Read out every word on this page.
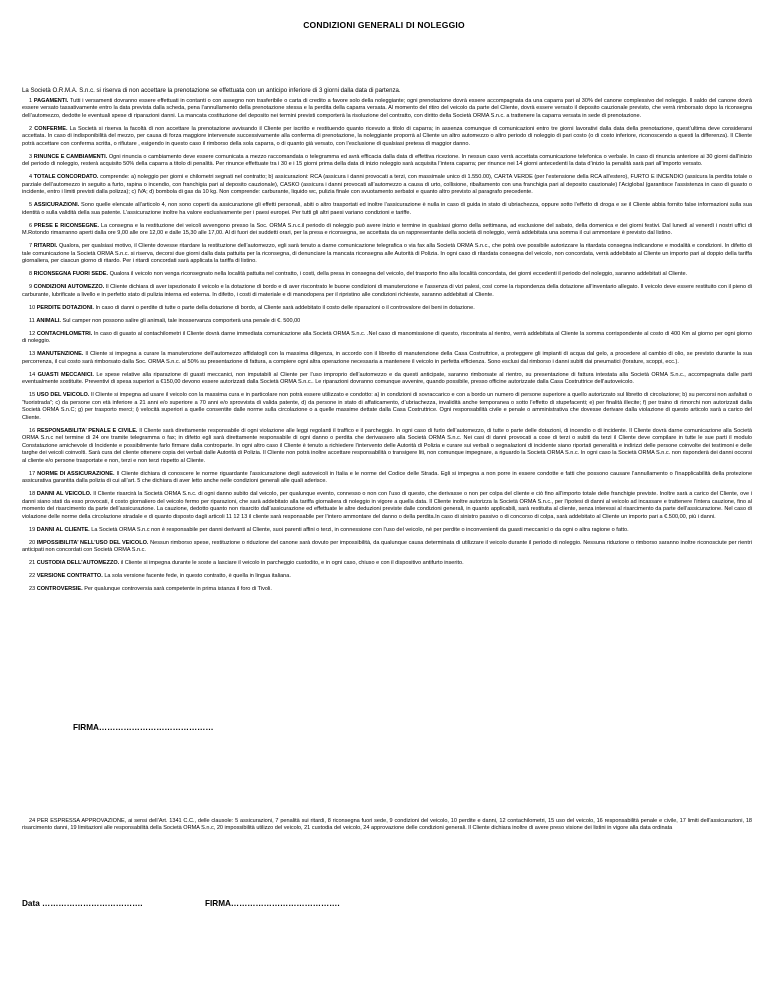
CONDIZIONI GENERALI DI NOLEGGIO

La Società O.R.M.A. S.n.c. si riserva di non accettare la prenotazione se effettuata con un anticipo inferiore di 3 giorni dalla data di partenza.

1 PAGAMENTI. Tutti i versamenti dovranno essere effettuati in contanti o con assegno non trasferibile o carta di credito a favore solo della noleggiante; ogni prenotazione dovrà essere accompagnata da una caparra pari al 30% del canone complessivo del noleggio. Il saldo del canone dovrà essere versato tassativamente entro la data prevista dalla scheda, pena l’annullamento della prenotazione stessa e la perdita della caparra versata. Al momento del ritiro del veicolo da parte del Cliente, dovrà essere versato il deposito cauzionale previsto, che verrà rimborsato dopo la riconsegna dell’automezzo, dedotte le eventuali spese di riparazioni danni. La mancata costituzione del deposito nei termini previsti comporterà la risoluzione del contratto, con diritto della Società ORMA S.n.c. a trattenere la caparra versata in sede di prenotazione.

2 CONFERME. La Società si riserva la facoltà di non accettare la prenotazione avvisando il Cliente per iscritto e restituendo quanto ricevuto a titolo di caparra; in assenza comunque di comunicazioni entro tre giorni lavorativi dalla data della prenotazione, quest’ultima deve considerarsi accettata. In caso di indisponibilità del mezzo, per causa di forza maggiore intervenute successivamente alla conferma di prenotazione, la noleggiante proporrà al Cliente un altro automezzo o altro periodo di noleggio di pari costo (o di costo inferiore, riconoscendo a questi la differenza). Il Cliente potrà accettare con conferma scritta, o rifiutare , esigendo in questo caso il rimborso della sola caparra, o di quanto già versato, con l’esclusione di qualsiasi pretesa di maggior danno.

3 RINUNCE E CAMBIAMENTI. Ogni rinuncia o cambiamento deve essere comunicata a mezzo raccomandata o telegramma ed avrà efficacia dalla data di effettiva ricezione. In nessun caso verrà accettata comunicazione telefonica o verbale. In caso di rinuncia anteriore ai 30 giorni dall’inizio del periodo di noleggio, resterà acquisito 50% della caparra a titolo di penalità. Per rinunce effettuate tra i 30 e i 15 giorni prima della data di inizio noleggio sarà acquisita l’intera caparra; per rinunce nei 14 giorni antecedenti la data d’inizio la penalità sarà pari all’importo versato.

4 TOTALE CONCORDATO. comprende: a) noleggio per giorni e chilometri segnati nel contratto; b) assicurazioni: RCA (assicura i danni provocati a terzi, con massimale unico di 1.550.00), CARTA VERDE (per l’estensione della RCA all’estero), FURTO E INCENDIO (assicura la perdita totale o parziale dell’automezzo in seguito a furto, rapina o incendio, con franchigia pari al deposito cauzionale), CASKO (assicura i danni provocati all’automezzo a causa di urto, collisione, ribaltamento con una franchigia pari al deposito cauzionale) l’Aciglobal (garantisce l’assistenza in caso di guasto o incidente, entro i limiti previsti dalla polizza); c) IVA; d) bombola di gas da 10 kg. Non comprende: carburante, liquido wc, pulizia finale con svuotamento serbatoi e quanto altro previsto al paragrafo precedente.

5 ASSICURAZIONI. Sono quelle elencate all’articolo 4, non sono coperti da assicurazione gli effetti personali, abiti o altro trasportati ed inoltre l’assicurazione è nulla in caso di guida in stato di ubriachezza, oppure sotto l’effetto di droga e se il Cliente abbia fornito false informazioni sulla sua identità o sulla validità della sua patente. L’assicurazione inoltre ha valore esclusivamente per i paesi europei. Per tutti gli altri paesi variano condizioni e tariffe.

6 PRESE E RICONSEGNE. La consegna e la restituzione dei veicoli avvengono presso la Soc. ORMA S.n.c.il periodo di noleggio può avere inizio e termine in qualsiasi giorno della settimana, ad esclusione del sabato, della domenica e dei giorni festivi. Dal lunedì al venerdì i nostri uffici di M.Rotondo rimarranno aperti dalla ore 9,00 alle ore 12,00 e dalle 15,30 alle 17,00. Al di fuori dei suddetti orari, per la presa e riconsegna, se accettata da un rappresentante della società di noleggio, verrà addebitata una somma il cui ammontare è previsto dal listino.

7 RITARDI. Qualora, per qualsiasi motivo, il Cliente dovesse ritardare la restituzione dell’automezzo, egli sarà tenuto a darne comunicazione telegrafica o via fax alla Società ORMA S.n.c., che potrà ove possibile autorizzare la ritardata consegna indicandone e modalità e condizioni. In difetto di tale comunicazione la Società ORMA S.n.c. si riserva, decorsi due giorni dalla data pattuita per la riconsegna, di denunciare la mancata riconsegna alle Autorità di Polizia. In ogni caso di ritardata consegna del veicolo, non concordata, verrà addebitato al Cliente un importo pari al doppio della tariffa giornaliera, per ciascun giorno di ritardo. Per i ritardi concordati sarà applicata la tariffa di listino.

8 RICONSEGNA FUORI SEDE. Qualora il veicolo non venga riconsegnato nella località pattuita nel contratto, i costi, della presa in consegna del veicolo, del trasporto fino alla località concordata, dei giorni eccedenti il periodo del noleggio, saranno addebitati al Cliente.

9 CONDIZIONI AUTOMEZZO. Il Cliente dichiara di aver ispezionato il veicolo e la dotazione di bordo e di aver riscontrato le buone condizioni di manutenzione e l’assenza di vizi palesi, così come la rispondenza della dotazione all’inventario allegato. Il veicolo deve essere restituito con il pieno di carburante, lubrificate a livello e in perfetto stato di pulizia interna ed esterna. In difetto, i costi di materiale e di manodopera per il ripristino alle condizioni richieste, saranno addebitati al Cliente.

10 PERDITE DOTAZIONI. In caso di danni o perdite di tutte o parte della dotazione di bordo, al Cliente sarà addebitato il costo delle riparazioni o il controvalore dei beni in dotazione.

11 ANIMALI. Sul camper non possono salire gli animali, tale inosservanza comporterà una penale di €. 500,00

12 CONTACHILOMETRI. In caso di guasto al contachilometri il Cliente dovrà darne immediata comunicazione alla Società ORMA S.n.c. .Nel caso di manomissione di questo, riscontrata al rientro, verrà addebitata al Cliente la somma corrispondente al costo di 400 Km al giorno per ogni giorno di noleggio.

13 MANUTENZIONE. Il Cliente si impegna a curare la manutenzione dell’automezzo affidatogli con la massima diligenza, in accordo con il libretto di manutenzione della Casa Costruttrice, a proteggere gli impianti di acqua dal gelo, a procedere al cambio di olio, se previsto durante la sua percorrenza, il cui costo sarà rimborsato dalla Soc. ORMA S.n.c. al 50% su presentazione di fattura, a compiere ogni altra operazione necessaria a mantenere il veicolo in perfetta efficienza. Sono esclusi dal rimborso i danni subiti dai pneumatici (forature, scoppi, ecc.).

14 GUASTI MECCANICI. Le spese relative alla riparazione di guasti meccanici, non imputabili al Cliente per l’uso improprio dell’automezzo e da questi anticipate, saranno rimborsate al rientro, su presentazione di fattura intestata alla Società ORMA S.n.c., accompagnata dalle parti eventualmente sostituite. Preventivi di spesa superiori a €150,00 devono essere autorizzati dalla Società ORMA S.n.c.. Le riparazioni dovranno comunque avvenire, quando possibile, presso officine autorizzate dalla Casa Costruttrice dell’autoveicolo.

15 USO DEL VEICOLO. Il Cliente si impegna ad usare il veicolo con la massima cura e in particolare non potrà essere utilizzato e condotto: a) in condizioni di sovraccarico e con a bordo un numero di persone superiore a quello autorizzato sul libretto di circolazione; b) su percorsi non asfaltati o “fuoristrada”; c) da persone con età inferiore a 21 anni e/o superiore a 70 anni e/o sprovvista di valida patente, d) da persone in stato di affaticamento, d’ubriachezza, invalidità anche temporanea o sotto l’effetto di stupefacenti; e) per finalità illecite; f) per traino di rimorchi non autorizzati dalla Società ORMA S.n.C; g) per trasporto merci; i) velocità superiori a quelle consentite dalle norme sulla circolazione o a quelle massime dettate dalla Casa Costruttrice. Ogni responsabilità civile e penale o amministrativa che dovesse derivare dalla violazione di questo articolo sarà a carico del Cliente.

16 RESPONSABILITA’ PENALE E CIVILE. Il Cliente sarà direttamente responsabile di ogni violazione alle leggi regolanti il traffico e il parcheggio. In ogni caso di furto dell’automezzo, di tutte o parte delle dotazioni, di incendio o di incidente. Il Cliente dovrà darne comunicazione alla Società ORMA S.n.c nel termine di 24 ore tramite telegramma o fax; in difetto egli sarà direttamente responsabile di ogni danno o perdita che derivassero alla Società ORMA S.n.c. Nei casi di danni provocati a cose di terzi o subiti da terzi il Cliente deve compilare in tutte le sue parti il modulo Constatazione amichevole di Incidente e possibilmente farlo firmare dalla controparte. In ogni altro caso il Cliente è tenuto a richiedere l’intervento delle Autorità di Polizia e curare sui verbali o segnalazioni di incidente siano riportati generalità e indirizzi delle persone coinvolte dei testimoni e delle targhe dei veicoli coinvolti. Sarà cura del cliente ottenere copia dei verbali dalle Autorità di Polizia. Il Cliente non potrà inoltre accettare responsabilità o transigere liti, non comunque impegnare, a riguardo la Società ORMA S.n.c. In ogni caso la Società ORMA S.n.c. non risponderà dei danni occorsi al cliente e/o persone trasportate e non, terzi e non terzi rispetto al Cliente.

17 NORME DI ASSICURAZIONE. Il Cliente dichiara di conoscere le norme riguardante l’assicurazione degli autoveicoli in Italia e le norme del Codice delle Strada. Egli si impegna a non porre in essere condotte e fatti che possono causare l’annullamento o l’inapplicabilità della protezione assicurativa garantita dalla polizia di cui all’art. 5 che dichiara di aver letto anche nelle condizioni generali alle quali aderisce.

18 DANNI AL VEICOLO. Il Cliente risarcirà la Società ORMA S.n.c. di ogni danno subito dal veicolo, per qualunque evento, connesso o non con l’uso di questo, che derivasse o non per colpa del cliente e ciò fino all’importo totale delle franchigie previste. Inoltre sarà a carico del Cliente, ove i danni siano stati da esso provocati, il costo giornaliero del veicolo fermo per riparazioni, che sarà addebitato alla tariffa giornaliera di noleggio in vigore a quella data. Il Cliente inoltre autorizza la Società ORMA S.n.c., per l’ipotesi di danni al veicolo ad incassare e trattenere l’intera cauzione, fino al momento del risarcimento da parte dell’assicurazione. La cauzione, dedotto quanto non risarcito dall’assicurazione ed effettuate le altre deduzioni previste dalle condizioni generali, in quanto applicabili, sarà restituita al cliente, senza interessi al risarcimento da parte dell’assicurazione. Nel caso di violazione delle norme della circolazione stradale e di quanto disposto dagli articoli 11 12 13 il cliente sarà responsabile per l’intero ammontare del danno o della perdita.In caso di sinistro passivo o di concorso di colpa, sarà addebitato al Cliente un importo pari a €.500,00, più i danni.

19 DANNI AL CLIENTE. La Società ORMA S.n.c non è responsabile per danni derivanti al Cliente, suoi parenti affini o terzi, in connessione con l’uso del veicolo, né per perdite o inconvenienti da guasti meccanici o da ogni o altra ragione o fatto.

20 IMPOSSIBILITA’ NELL’USO DEL VEICOLO. Nessun rimborso spese, restituzione o riduzione del canone sarà dovuto per impossibilità, da qualunque causa determinata di utilizzare il veicolo durante il periodo di noleggio. Nessuna riduzione o rimborso saranno inoltre riconosciute per rientri anticipati non concordati con Società ORMA S.n.c.

21 CUSTODIA DELL’AUTOMEZZO. il Cliente si impegna durante le soste a lasciare il veicolo in parcheggio custodito, e in ogni caso, chiuso e con il dispositivo antifurto inserito.

22 VERSIONE CONTRATTO. La sola versione facente fede, in questo contratto, è quella in lingua italiana.

23 CONTROVERSIE. Per qualunque controversia sarà competente in prima istanza il foro di Tivoli.

FIRMA……………………………………

24 PER ESPRESSA APPROVAZIONE, ai sensi dell’Art. 1341 C.C., delle clausole: 5 assicurazioni, 7 penalità sui ritardi, 8 riconsegna fuori sede, 9 condizioni del veicolo, 10 perdite e danni, 12 contachilometri, 15 uso del veicolo, 16 responsabilità penale e civile, 17 limiti dell’assicurazioni, 18 risarcimento danni, 19 limitazioni alle responsabilità della Società ORMA S.n.c, 20 impossibilità utilizzo del veicolo, 21 custodia del veicolo, 24 approvazione delle condizioni generali. Il Cliente dichiara inoltre di avere preso visione dei listini in vigore alla data ordinata

Data ……………………………….	FIRMA………………………………….
